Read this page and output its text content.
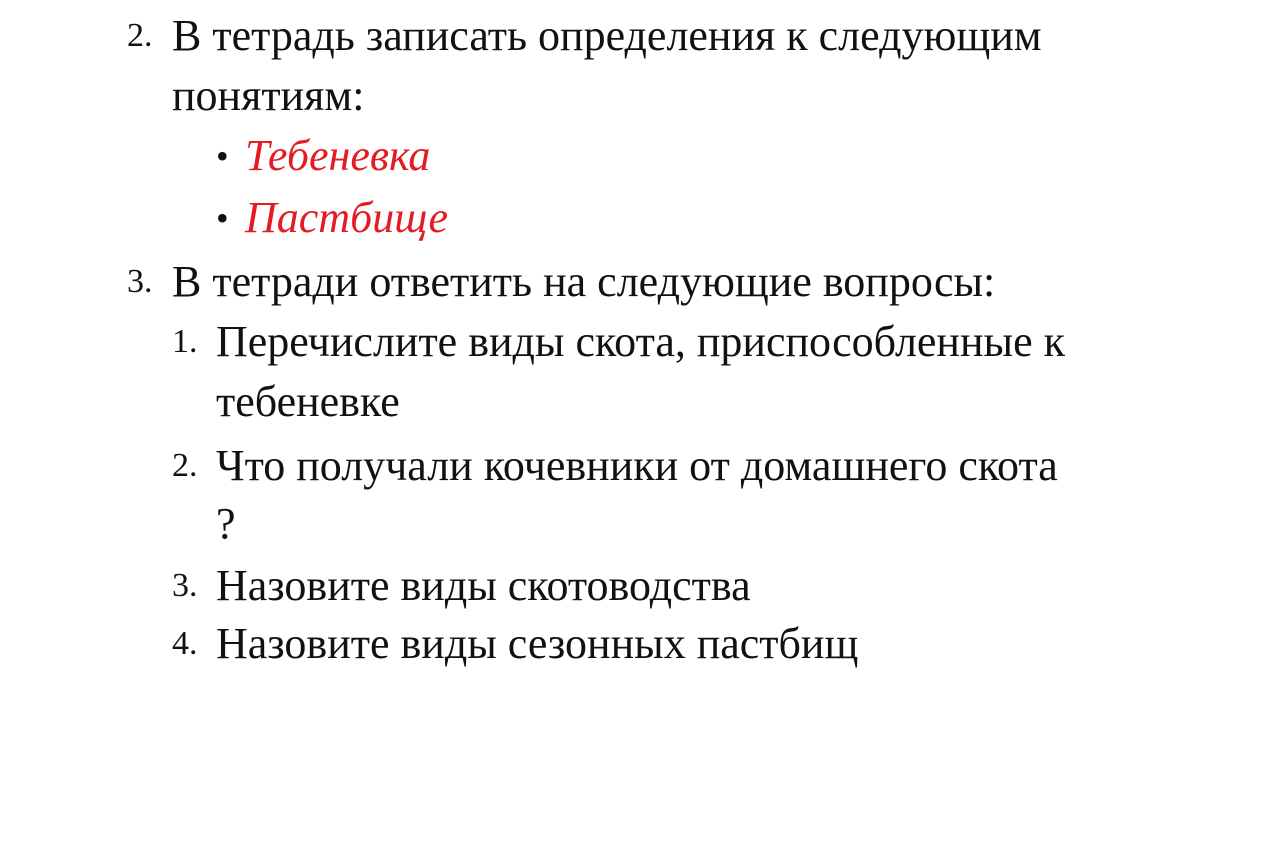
2. В тетрадь записать определения к следующим
понятиям:
• Тебеневка
• Пастбище
3. В тетради ответить на следующие вопросы:
1. Перечислите виды скота, приспособленные к
тебеневке
2. Что получали кочевники от домашнего скота
?
3. Назовите виды скотоводства
4. Назовите виды сезонных пастбищ
